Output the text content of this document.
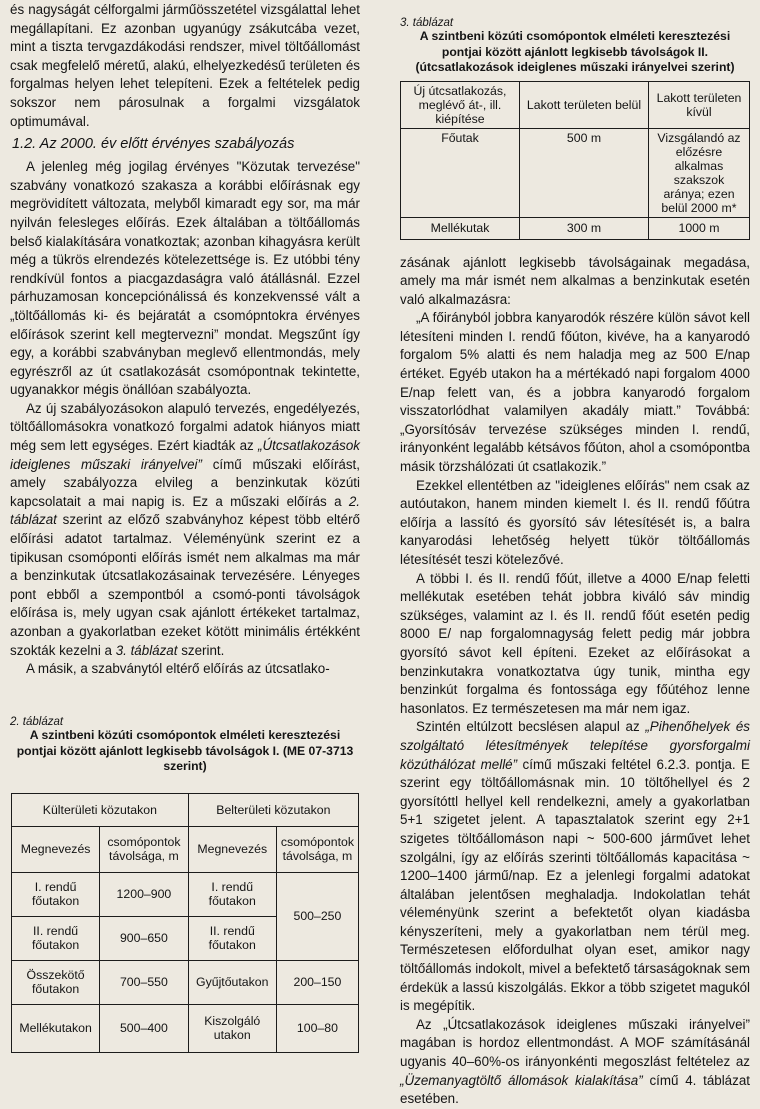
és nagyságát célforgalmi járműösszetétel vizsgálattal lehet megállapítani. Ez azonban ugyanúgy zsákutcába vezet, mint a tiszta tervgazdákodási rendszer, mivel töltőállomást csak megfelelő méretű, alakú, elhelyezkedésű területen és forgalmas helyen lehet telepíteni. Ezek a feltételek pedig sokszor nem párosulnak a forgalmi vizsgálatok optimumával.

1.2. Az 2000. év előtt érvényes szabályozás

A jelenleg még jogilag érvényes "Közutak tervezése" szabvány vonatkozó szakasza a korábbi előírásnak egy megrövidített változata, melyből kimaradt egy sor, ma már nyilván felesleges előírás. Ezek általában a töltőállomás belső kialakítására vonatkoztak; azonban kihagyásra került még a tükrös elrendezés kötelezettsége is. Ez utóbbi tény rendkívül fontos a piacgazdaságra való átállásnál. Ezzel párhuzamosan koncepciónálissá és konzekvenssé vált a „töltőállomás ki- és bejáratát a csomópntokra érvényes előírások szerint kell megtervezni” mondat. Megszűnt így egy, a korábbi szabványban meglevő ellentmondás, mely egyrészről az út csatlakozását csomópontnak tekintette, ugyanakkor mégis önállóan szabályozta.

Az új szabályozásokon alapuló tervezés, engedélyezés, töltőállomásokra vonatkozó forgalmi adatok hiányos miatt még sem lett egységes. Ezért kiadták az „Útcsatlakozások ideiglenes műszaki irányelvei” című műszaki előírást, amely szabályozza elvileg a benzinkutak közúti kapcsolatait a mai napig is. Ez a műszaki előírás a 2. táblázat szerint az előző szabványhoz képest több eltérő előírási adatot tartalmaz. Véleményünk szerint ez a tipikusan csomóponti előírás ismét nem alkalmas ma már a benzinkutak útcsatlakozásainak tervezésére. Lényeges pont ebből a szempontból a csomó-ponti távolságok előírása is, mely ugyan csak ajánlott értékeket tartalmaz, azonban a gyakorlatban ezeket kötött minimális értékként szokták kezelni a 3. táblázat szerint.

A másik, a szabványtól eltérő előírás az útcsatlako-

2. táblázat

A szintbeni közúti csomópontok elméleti keresztezési pontjai között ajánlott legkisebb távolságok I. (ME 07-3713 szerint)

Külterületi közutakon		Belterületi közutakon	
Megnevezés	csomópontok távolsága, m	Megnevezés	csomópontok távolsága, m
I. rendű főutakon	1200–900	I. rendű főutakon	500–250
II. rendű főutakon	900–650	II. rendű főutakon	
Összekötő főutakon	700–550	Gyűjtőutakon	200–150
Mellékutakon	500–400	Kiszolgáló utakon	100–80

3. táblázat

A szintbeni közúti csomópontok elméleti keresztezési pontjai között ajánlott legkisebb távolságok II. (útcsatlakozások ideiglenes műszaki irányelvei szerint)

Új útcsatlakozás, meglévő át-, ill. kiépítése	Lakott területen belül	Lakott területen kívül
Főutak	500 m	Vizsgálandó az előzésre alkalmas szakszok aránya; ezen belül 2000 m*
Mellékutak	300 m	1000 m

zásának ajánlott legkisebb távolságainak megadása, amely ma már ismét nem alkalmas a benzinkutak esetén való alkalmazásra:

„A főirányból jobbra kanyarodók részére külön sávot kell létesíteni minden I. rendű főúton, kivéve, ha a kanyarodó forgalom 5% alatti és nem haladja meg az 500 E/nap értéket. Egyéb utakon ha a mértékadó napi forgalom 4000 E/nap felett van, és a jobbra kanyarodó forgalom visszatorlódhat valamilyen akadály miatt.” Továbbá: „Gyorsítósáv tervezése szükséges minden I. rendű, irányonként legalább kétsávos főúton, ahol a csomópontba másik törzshálózati út csatlakozik.”

Ezekkel ellentétben az "ideiglenes előírás" nem csak az autóutakon, hanem minden kiemelt I. és II. rendű főútra előírja a lassító és gyorsító sáv létesítését is, a balra kanyarodási lehetőség helyett tükör töltőállomás létesítését teszi kötelezővé.

A többi I. és II. rendű főút, illetve a 4000 E/nap feletti mellékutak esetében tehát jobbra kiváló sáv mindig szükséges, valamint az I. és II. rendű főút esetén pedig 8000 E/ nap forgalomnagyság felett pedig már jobbra gyorsító sávot kell építeni. Ezeket az előírásokat a benzinkutakra vonatkoztatva úgy tunik, mintha egy benzinkút forgalma és fontossága egy főútéhoz lenne hasonlatos. Ez természetesen ma már nem igaz.

Szintén eltúlzott becslésen alapul az „Pihenőhelyek és szolgáltató létesítmények telepítése gyorsforgalmi közúthálózat mellé” című műszaki feltétel 6.2.3. pontja. E szerint egy töltőállomásnak min. 10 töltőhellyel és 2 gyorsítóttl hellyel kell rendelkezni, amely a gyakorlatban 5+1 szigetet jelent. A tapasztalatok szerint egy 2+1 szigetes töltőállomáson napi ~ 500-600 járművet lehet szolgálni, így az előírás szerinti töltőállomás kapacitása ~ 1200–1400 jármű/nap. Ez a jelenlegi forgalmi adatokat általában jelentősen meghaladja. Indokolatlan tehát véleményünk szerint a befektetőt olyan kiadásba kényszeríteni, mely a gyakorlatban nem térül meg. Természetesen előfordulhat olyan eset, amikor nagy töltőállomás indokolt, mivel a befektető társaságoknak sem érdekük a lassú kiszolgálás. Ekkor a több szigetet magukól is megépítik.

Az „Útcsatlakozások ideiglenes műszaki irányelvei” magában is hordoz ellentmondást. A MOF számításánál ugyanis 40–60%-os irányonkénti megoszlást feltételez az „Üzemanyagtöltő állomások kialakítása” című 4. táblázat esetében.
